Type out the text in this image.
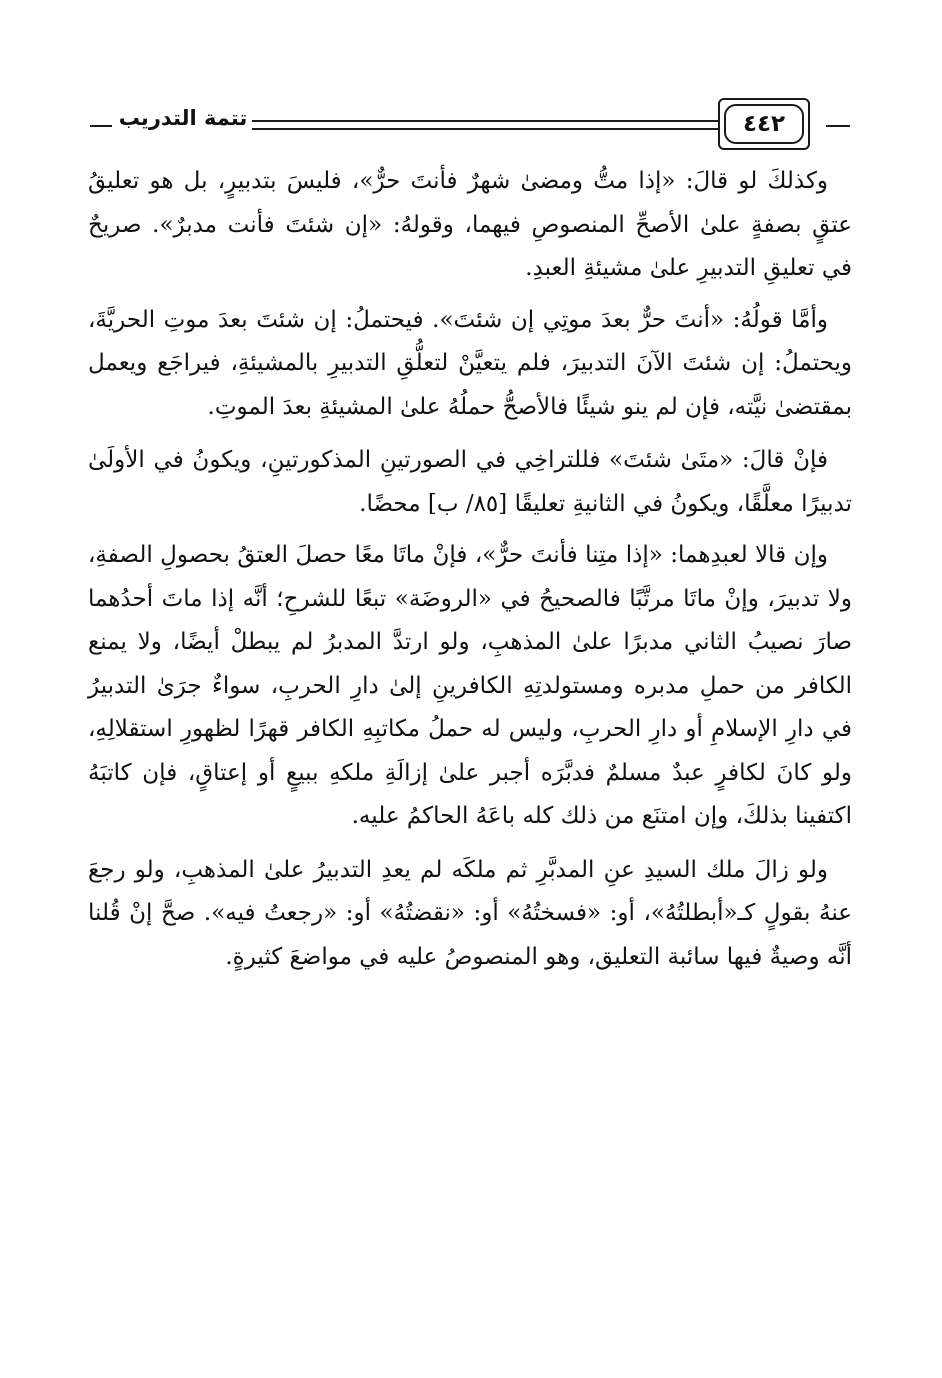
تتمة التدريب	٤٤٢

وكذلكَ لو قالَ: «إذا متُّ ومضىٰ شهرٌ فأنتَ حرٌّ»، فليسَ بتدبيرٍ، بل هو تعليقُ عتقٍ بصفةٍ علىٰ الأصحِّ المنصوصِ فيهما، وقولهُ: «إن شئتَ فأنت مدبرٌ». صريحٌ في تعليقِ التدبيرِ علىٰ مشيئةِ العبدِ.

وأمَّا قولُهُ: «أنتَ حرٌّ بعدَ موتِي إن شئتَ». فيحتملُ: إن شئتَ بعدَ موتِ الحريَّةَ، ويحتملُ: إن شئتَ الآنَ التدبيرَ، فلم يتعيَّنْ لتعلُّقِ التدبيرِ بالمشيئةِ، فيراجَع ويعمل بمقتضىٰ نيَّته، فإن لم ينو شيئًا فالأصحُّ حملُهُ علىٰ المشيئةِ بعدَ الموتِ.

فإنْ قالَ: «متَىٰ شئتَ» فللتراخِي في الصورتينِ المذكورتينِ، ويكونُ في الأولَىٰ تدبيرًا معلَّقًا، ويكونُ في الثانيةِ تعليقًا [٨٥/ ب] محضًا.

وإن قالا لعبدِهما: «إذا متِنا فأنتَ حرٌّ»، فإنْ ماتَا معًا حصلَ العتقُ بحصولِ الصفةِ، ولا تدبيرَ، وإنْ ماتَا مرتَّبًا فالصحيحُ في «الروضَة» تبعًا للشرحِ؛ أنَّه إذا ماتَ أحدُهما صارَ نصيبُ الثاني مدبرًا علىٰ المذهبِ، ولو ارتدَّ المدبرُ لم يبطلْ أيضًا، ولا يمنع الكافر من حملِ مدبره ومستولدتِهِ الكافرينِ إلىٰ دارِ الحربِ، سواءٌ جرَىٰ التدبيرُ في دارِ الإسلامِ أو دارِ الحربِ، وليس له حملُ مكاتبِهِ الكافر قهرًا لظهورِ استقلالِهِ، ولو كانَ لكافرٍ عبدٌ مسلمٌ فدبَّرَه أجبر علىٰ إزالَةِ ملكهِ ببيعٍ أو إعتاقٍ، فإن كاتبَهُ اكتفينا بذلكَ، وإن امتنَع من ذلك كله باعَهُ الحاكمُ عليه.

ولو زالَ ملك السيدِ عنِ المدبَّرِ ثم ملكَه لم يعدِ التدبيرُ علىٰ المذهبِ، ولو رجعَ عنهُ بقولٍ كـ«أبطلتُهُ»، أو: «فسختُهُ» أو: «نقضتُهُ» أو: «رجعتُ فيه». صحَّ إنْ قُلنا أنَّه وصيةٌ فيها سائبة التعليق، وهو المنصوصُ عليه في مواضعَ كثيرةٍ.
